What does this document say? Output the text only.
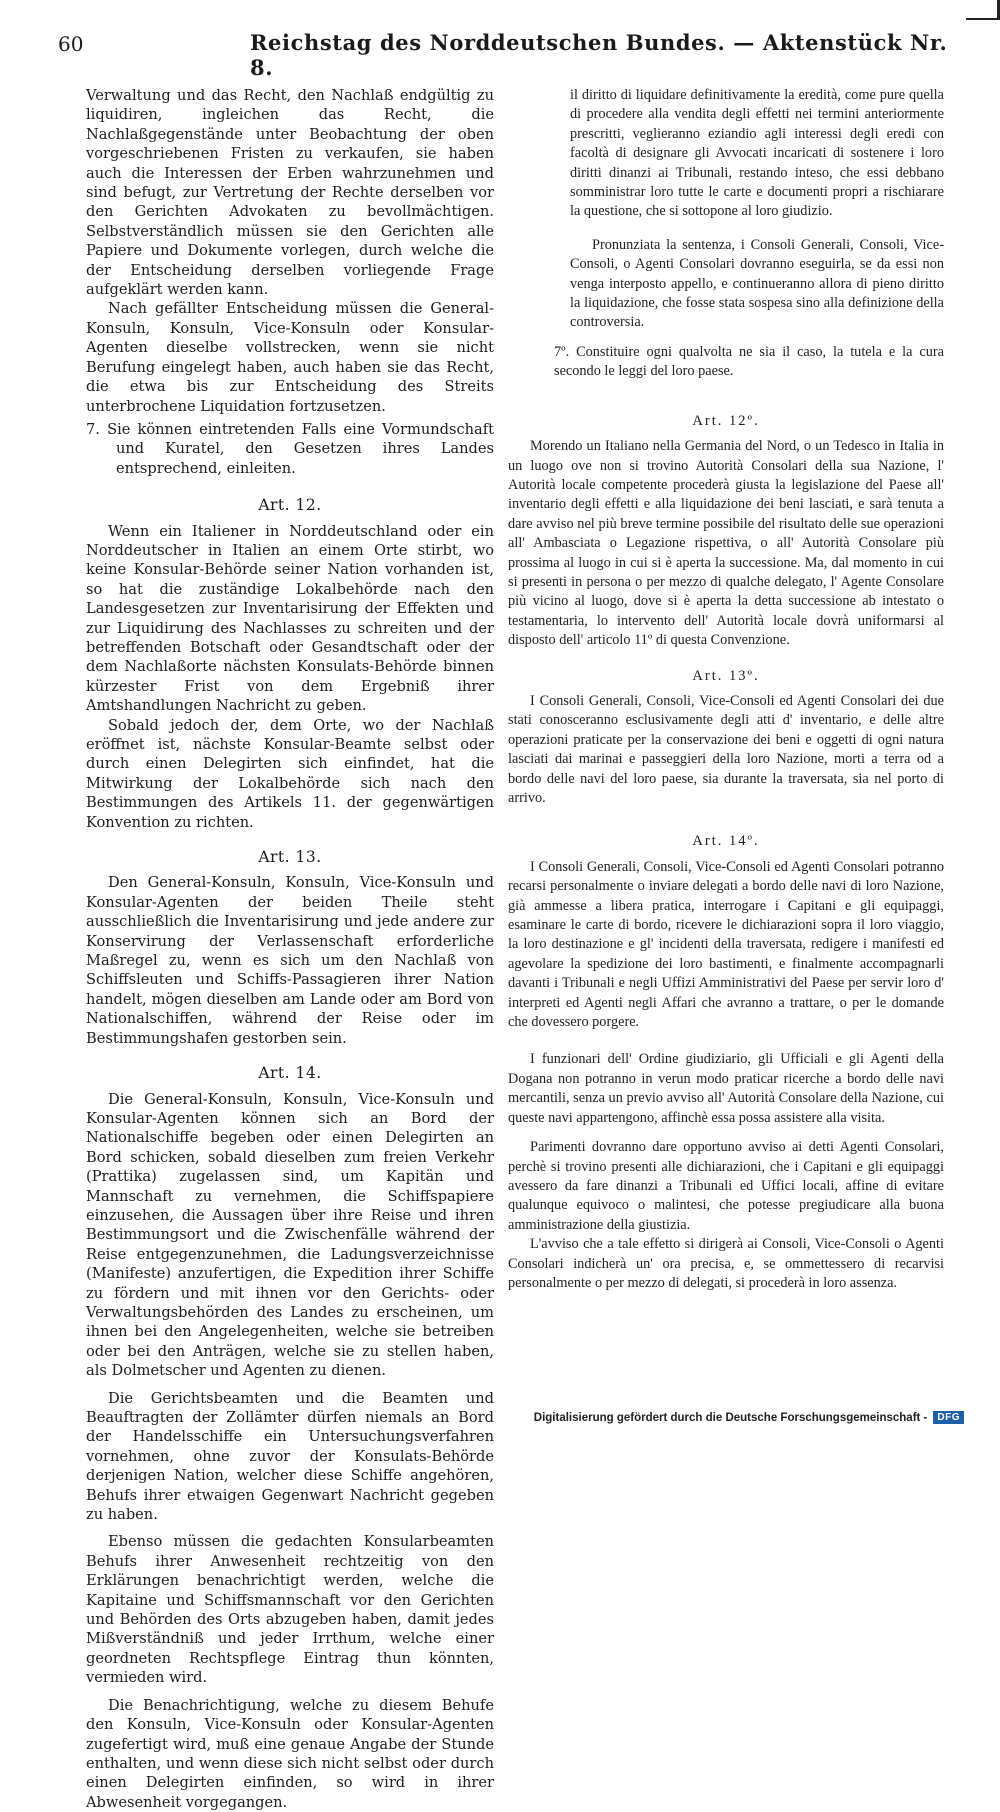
60	Reichstag des Norddeutschen Bundes. — Aktenstück Nr. 8.

Verwaltung und das Recht, den Nachlaß endgültig zu liquidiren, ingleichen das Recht, die Nachlaßgegenstände unter Beobachtung der oben vorgeschriebenen Fristen zu verkaufen, sie haben auch die Interessen der Erben wahrzunehmen und sind befugt, zur Vertretung der Rechte derselben vor den Gerichten Advokaten zu bevollmächtigen. Selbstverständlich müssen sie den Gerichten alle Papiere und Dokumente vorlegen, durch welche die der Entscheidung derselben vorliegende Frage aufgeklärt werden kann.

Nach gefällter Entscheidung müssen die General-Konsuln, Konsuln, Vice-Konsuln oder Konsular-Agenten dieselbe vollstrecken, wenn sie nicht Berufung eingelegt haben, auch haben sie das Recht, die etwa bis zur Entscheidung des Streits unterbrochene Liquidation fortzusetzen.

7. Sie können eintretenden Falls eine Vormundschaft und Kuratel, den Gesetzen ihres Landes entsprechend, einleiten.

Art. 12.

Wenn ein Italiener in Norddeutschland oder ein Norddeutscher in Italien an einem Orte stirbt, wo keine Konsular-Behörde seiner Nation vorhanden ist, so hat die zuständige Lokalbehörde nach den Landesgesetzen zur Inventarisirung der Effekten und zur Liquidirung des Nachlasses zu schreiten und der betreffenden Botschaft oder Gesandtschaft oder der dem Nachlaßorte nächsten Konsulats-Behörde binnen kürzester Frist von dem Ergebniß ihrer Amtshandlungen Nachricht zu geben.

Sobald jedoch der, dem Orte, wo der Nachlaß eröffnet ist, nächste Konsular-Beamte selbst oder durch einen Delegirten sich einfindet, hat die Mitwirkung der Lokalbehörde sich nach den Bestimmungen des Artikels 11. der gegenwärtigen Konvention zu richten.

Art. 13.

Den General-Konsuln, Konsuln, Vice-Konsuln und Konsular-Agenten der beiden Theile steht ausschließlich die Inventarisirung und jede andere zur Konservirung der Verlassenschaft erforderliche Maßregel zu, wenn es sich um den Nachlaß von Schiffsleuten und Schiffs-Passagieren ihrer Nation handelt, mögen dieselben am Lande oder am Bord von Nationalschiffen, während der Reise oder im Bestimmungshafen gestorben sein.

Art. 14.

Die General-Konsuln, Konsuln, Vice-Konsuln und Konsular-Agenten können sich an Bord der Nationalschiffe begeben oder einen Delegirten an Bord schicken, sobald dieselben zum freien Verkehr (Prattika) zugelassen sind, um Kapitän und Mannschaft zu vernehmen, die Schiffspapiere einzusehen, die Aussagen über ihre Reise und ihren Bestimmungsort und die Zwischenfälle während der Reise entgegenzunehmen, die Ladungsverzeichnisse (Manifeste) anzufertigen, die Expedition ihrer Schiffe zu fördern und mit ihnen vor den Gerichts- oder Verwaltungsbehörden des Landes zu erscheinen, um ihnen bei den Angelegenheiten, welche sie betreiben oder bei den Anträgen, welche sie zu stellen haben, als Dolmetscher und Agenten zu dienen.

Die Gerichtsbeamten und die Beamten und Beauftragten der Zollämter dürfen niemals an Bord der Handelsschiffe ein Untersuchungsverfahren vornehmen, ohne zuvor der Konsulats-Behörde derjenigen Nation, welcher diese Schiffe angehören, Behufs ihrer etwaigen Gegenwart Nachricht gegeben zu haben.

Ebenso müssen die gedachten Konsularbeamten Behufs ihrer Anwesenheit rechtzeitig von den Erklärungen benachrichtigt werden, welche die Kapitaine und Schiffsmannschaft vor den Gerichten und Behörden des Orts abzugeben haben, damit jedes Mißverständniß und jeder Irrthum, welche einer geordneten Rechtspflege Eintrag thun könnten, vermieden wird.

Die Benachrichtigung, welche zu diesem Behufe den Konsuln, Vice-Konsuln oder Konsular-Agenten zugefertigt wird, muß eine genaue Angabe der Stunde enthalten, und wenn diese sich nicht selbst oder durch einen Delegirten einfinden, so wird in ihrer Abwesenheit vorgegangen.

il diritto di liquidare definitivamente la eredità, come pure quella di procedere alla vendita degli effetti nei termini anteriormente prescritti, veglieranno eziandio agli interessi degli eredi con facoltà di designare gli Avvocati incaricati di sostenere i loro diritti dinanzi ai Tribunali, restando inteso, che essi debbano somministrar loro tutte le carte e documenti propri a rischiarare la questione, che si sottopone al loro giudizio.

Pronunziata la sentenza, i Consoli Generali, Consoli, Vice-Consoli, o Agenti Consolari dovranno eseguirla, se da essi non venga interposto appello, e continueranno allora di pieno diritto la liquidazione, che fosse stata sospesa sino alla definizione della controversia.

7º. Constituire ogni qualvolta ne sia il caso, la tutela e la cura secondo le leggi del loro paese.

Art. 12º.

Morendo un Italiano nella Germania del Nord, o un Tedesco in Italia in un luogo ove non si trovino Autorità Consolari della sua Nazione, l' Autorità locale competente procederà giusta la legislazione del Paese all' inventario degli effetti e alla liquidazione dei beni lasciati, e sarà tenuta a dare avviso nel più breve termine possibile del risultato delle sue operazioni all' Ambasciata o Legazione rispettiva, o all' Autorità Consolare più prossima al luogo in cui si è aperta la successione. Ma, dal momento in cui si presenti in persona o per mezzo di qualche delegato, l' Agente Consolare più vicino al luogo, dove si è aperta la detta successione ab intestato o testamentaria, lo intervento dell' Autorità locale dovrà uniformarsi al disposto dell' articolo 11º di questa Convenzione.

Art. 13º.

I Consoli Generali, Consoli, Vice-Consoli ed Agenti Consolari dei due stati conosceranno esclusivamente degli atti d' inventario, e delle altre operazioni praticate per la conservazione dei beni e oggetti di ogni natura lasciati dai marinai e passeggieri della loro Nazione, morti a terra od a bordo delle navi del loro paese, sia durante la traversata, sia nel porto di arrivo.

Art. 14º.

I Consoli Generali, Consoli, Vice-Consoli ed Agenti Consolari potranno recarsi personalmente o inviare delegati a bordo delle navi di loro Nazione, già ammesse a libera pratica, interrogare i Capitani e gli equipaggi, esaminare le carte di bordo, ricevere le dichiarazioni sopra il loro viaggio, la loro destinazione e gl' incidenti della traversata, redigere i manifesti ed agevolare la spedizione dei loro bastimenti, e finalmente accompagnarli davanti i Tribunali e negli Uffizi Amministrativi del Paese per servir loro d' interpreti ed Agenti negli Affari che avranno a trattare, o per le domande che dovessero porgere.

I funzionari dell' Ordine giudiziario, gli Ufficiali e gli Agenti della Dogana non potranno in verun modo praticar ricerche a bordo delle navi mercantili, senza un previo avviso all' Autorità Consolare della Nazione, cui queste navi appartengono, affinchè essa possa assistere alla visita.

Parimenti dovranno dare opportuno avviso ai detti Agenti Consolari, perchè si trovino presenti alle dichiarazioni, che i Capitani e gli equipaggi avessero da fare dinanzi a Tribunali ed Uffici locali, affine di evitare qualunque equivoco o malintesi, che potesse pregiudicare alla buona amministrazione della giustizia.

L'avviso che a tale effetto si dirigerà ai Consoli, Vice-Consoli o Agenti Consolari indicherà un' ora precisa, e, se ommettessero di recarvisi personalmente o per mezzo di delegati, si procederà in loro assenza.

Digitalisierung gefördert durch die Deutsche Forschungsgemeinschaft -	DFG
